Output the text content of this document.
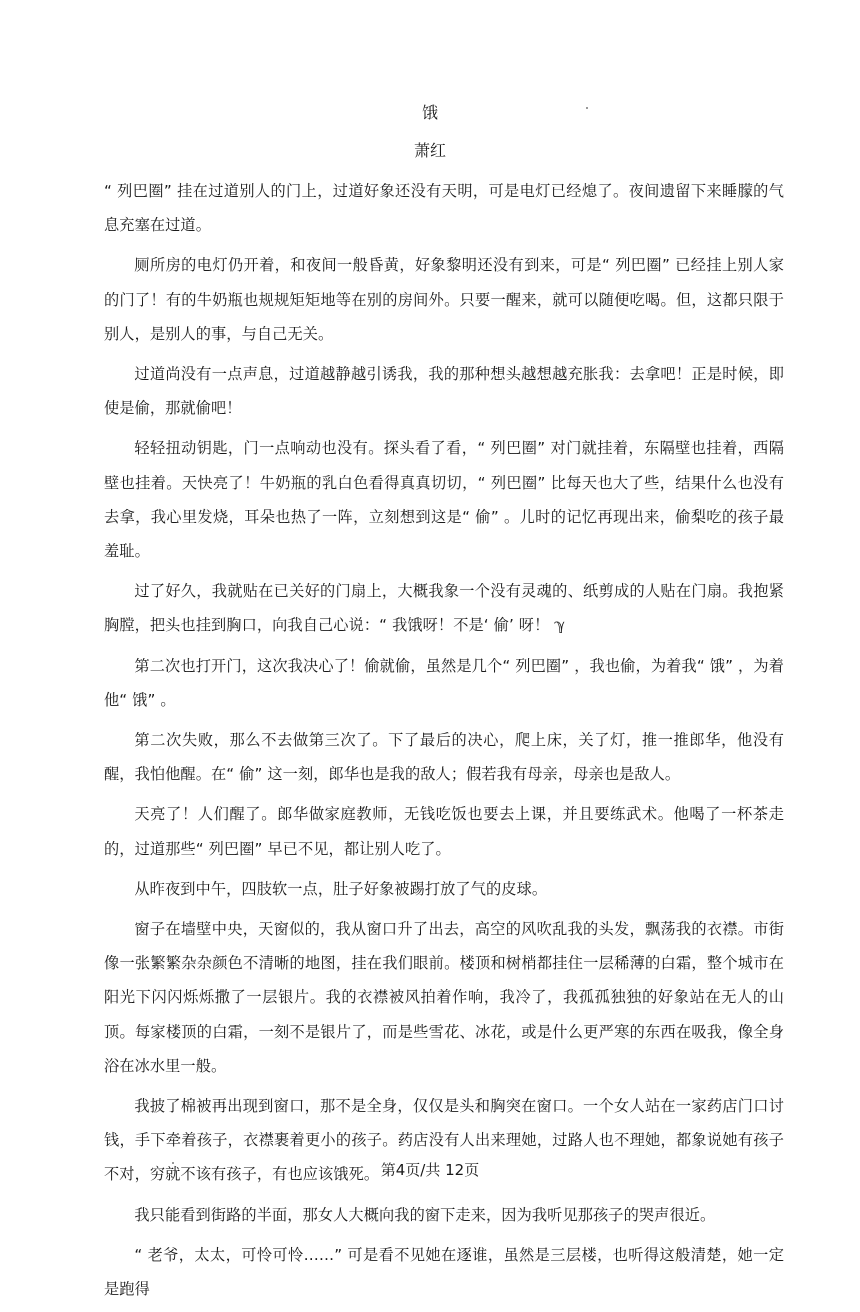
饿
萧红

“ 列巴圈” 挂在过道别人的门上，过道好象还没有天明，可是电灯已经熄了。夜间遗留下来睡朦的气息充塞在过道。

厕所房的电灯仍开着，和夜间一般昏黄，好象黎明还没有到来，可是“ 列巴圈” 已经挂上别人家的门了！有的牛奶瓶也规规矩矩地等在别的房间外。只要一醒来，就可以随便吃喝。但，这都只限于别人，是别人的事，与自己无关。

过道尚没有一点声息，过道越静越引诱我，我的那种想头越想越充胀我：去拿吧！正是时候，即使是偷，那就偷吧！

轻轻扭动钥匙，门一点响动也没有。探头看了看，“ 列巴圈” 对门就挂着，东隔壁也挂着，西隔壁也挂着。天快亮了！牛奶瓶的乳白色看得真真切切，“ 列巴圈” 比每天也大了些，结果什么也没有去拿，我心里发烧，耳朵也热了一阵，立刻想到这是“ 偷” 。儿时的记忆再现出来，偷梨吃的孩子最羞耻。

过了好久，我就贴在已关好的门扇上，大概我象一个没有灵魂的、纸剪成的人贴在门扇。我抱紧胸膛，把头也挂到胸口，向我自己心说：“ 我饿呀！不是‘ 偷’ 呀！ ℽ

第二次也打开门，这次我决心了！偷就偷，虽然是几个“ 列巴圈” ，我也偷，为着我“ 饿” ，为着他“ 饿” 。

第二次失败，那么不去做第三次了。下了最后的决心，爬上床，关了灯，推一推郎华，他没有醒，我怕他醒。在“ 偷” 这一刻，郎华也是我的敌人；假若我有母亲，母亲也是敌人。

天亮了！人们醒了。郎华做家庭教师，无钱吃饭也要去上课，并且要练武术。他喝了一杯茶走的，过道那些“ 列巴圈” 早已不见，都让别人吃了。

从昨夜到中午，四肢软一点，肚子好象被踢打放了气的皮球。

窗子在墙壁中央，天窗似的，我从窗口升了出去，高空的风吹乱我的头发，飘荡我的衣襟。市街像一张繁繁杂杂颜色不清晰的地图，挂在我们眼前。楼顶和树梢都挂住一层稀薄的白霜，整个城市在阳光下闪闪烁烁撒了一层银片。我的衣襟被风拍着作响，我冷了，我孤孤独独的好象站在无人的山顶。每家楼顶的白霜，一刻不是银片了，而是些雪花、冰花，或是什么更严寒的东西在吸我，像全身浴在冰水里一般。

我披了棉被再出现到窗口，那不是全身，仅仅是头和胸突在窗口。一个女人站在一家药店门口讨钱，手下牵着孩子，衣襟裹着更小的孩子。药店没有人出来理她，过路人也不理她，都象说她有孩子不对，穷就不该有孩子，有也应该饿死。

我只能看到街路的半面，那女人大概向我的窗下走来，因为我听见那孩子的哭声很近。

“ 老爷，太太，可怜可怜……” 可是看不见她在逐谁，虽然是三层楼，也听得这般清楚，她一定是跑得

第4页/共 12页
